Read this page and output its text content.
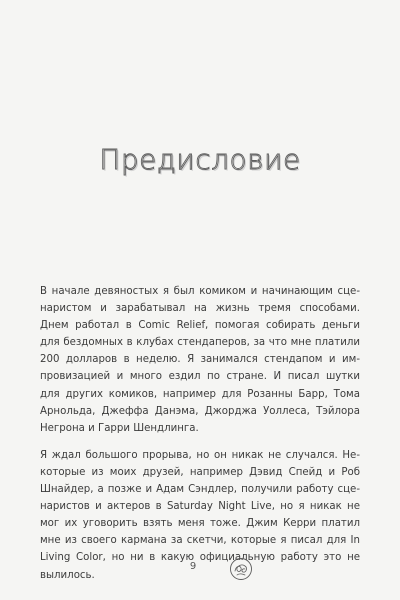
Предисловие

В начале девяностых я был комиком и начинающим сце-
наристом и зарабатывал на жизнь тремя способами.
Днем работал в Comic Relief, помогая собирать деньги
для бездомных в клубах стендаперов, за что мне платили
200 долларов в неделю. Я занимался стендапом и им-
провизацией и много ездил по стране. И писал шутки
для других комиков, например для Розанны Барр, Тома
Арнольда, Джеффа Данэма, Джорджа Уоллеса, Тэйлора
Негрона и Гарри Шендлинга.

Я ждал большого прорыва, но он никак не случался. Не-
которые из моих друзей, например Дэвид Спейд и Роб
Шнайдер, а позже и Адам Сэндлер, получили работу сце-
наристов и актеров в Saturday Night Live, но я никак не
мог их уговорить взять меня тоже. Джим Керри платил
мне из своего кармана за скетчи, которые я писал для In
Living Color, но ни в какую официальную работу это не
вылилось.

9
